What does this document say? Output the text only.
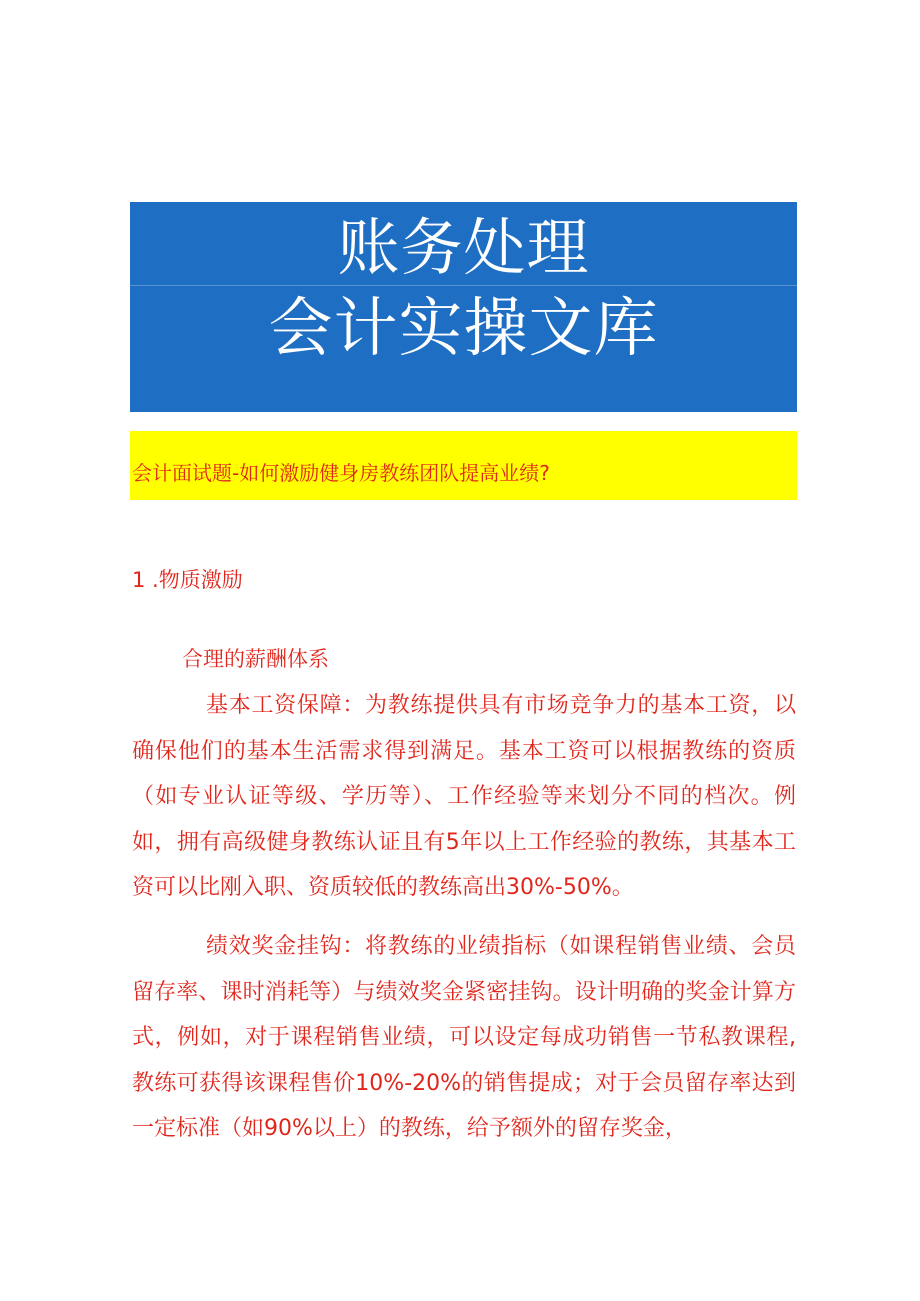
账务处理
会计实操文库
会计面试题-如何激励健身房教练团队提高业绩?
1 .物质激励
合理的薪酬体系

基本工资保障：为教练提供具有市场竞争力的基本工资，以确保他们的基本生活需求得到满足。基本工资可以根据教练的资质（如专业认证等级、学历等）、工作经验等来划分不同的档次。例如，拥有高级健身教练认证且有5年以上工作经验的教练，其基本工资可以比刚入职、资质较低的教练高出30%-50%。

绩效奖金挂钩：将教练的业绩指标（如课程销售业绩、会员留存率、课时消耗等）与绩效奖金紧密挂钩。设计明确的奖金计算方式，例如，对于课程销售业绩，可以设定每成功销售一节私教课程,教练可获得该课程售价10%-20%的销售提成；对于会员留存率达到一定标准（如90%以上）的教练，给予额外的留存奖金，
